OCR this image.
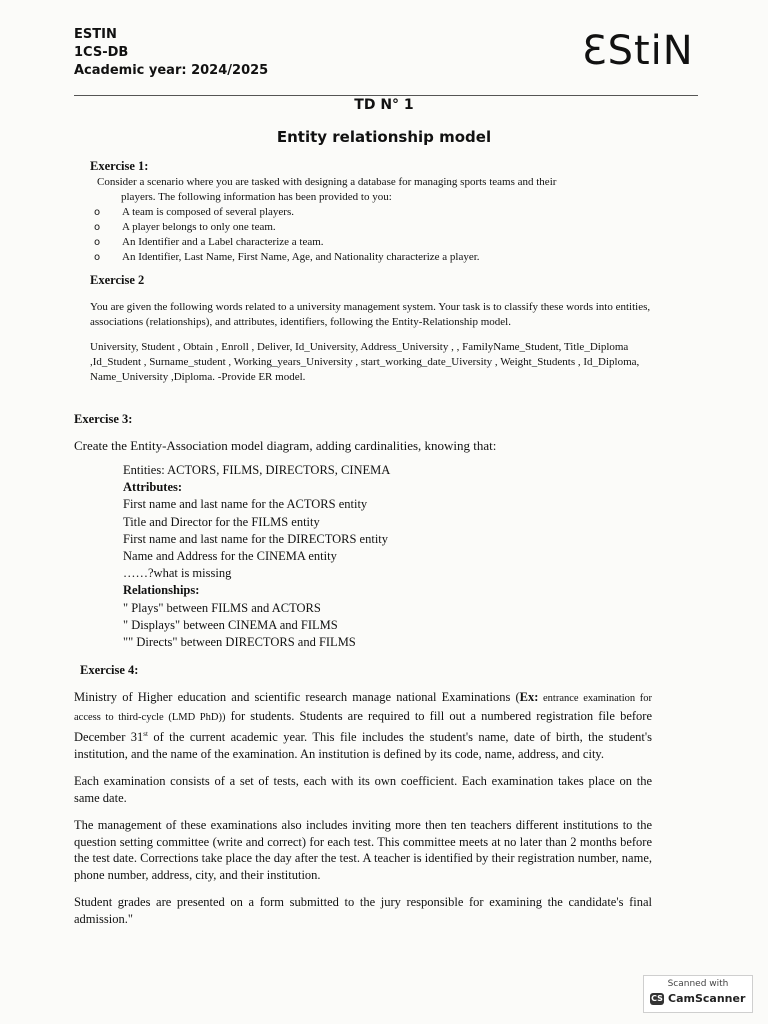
ESTIN
1CS-DB
Academic year: 2024/2025	ƐStiN
TD N° 1
Entity relationship model
Exercise 1:
Consider a scenario where you are tasked with designing a database for managing sports teams and their
players. The following information has been provided to you:
o A team is composed of several players.
o A player belongs to only one team.
o An Identifier and a Label characterize a team.
o An Identifier, Last Name, First Name, Age, and Nationality characterize a player.
Exercise 2

You are given the following words related to a university management system. Your task is to classify these words into entities, associations (relationships), and attributes, identifiers, following the Entity-Relationship model.

University, Student , Obtain , Enroll , Deliver, Id_University, Address_University , , FamilyName_Student, Title_Diploma ,Id_Student , Surname_student , Working_years_University , start_working_date_Uiversity , Weight_Students , Id_Diploma, Name_University ,Diploma. -Provide ER model.

Exercise 3:
Create the Entity-Association model diagram, adding cardinalities, knowing that:
Entities: ACTORS, FILMS, DIRECTORS, CINEMA
Attributes:
First name and last name for the ACTORS entity
Title and Director for the FILMS entity
First name and last name for the DIRECTORS entity
Name and Address for the CINEMA entity
……?what is missing
Relationships:
" Plays" between FILMS and ACTORS
" Displays" between CINEMA and FILMS
"" Directs" between DIRECTORS and FILMS
Exercise 4:

Ministry of Higher education and scientific research manage national Examinations (Ex: entrance examination for access to third-cycle (LMD PhD)) for students. Students are required to fill out a numbered registration file before December 31st of the current academic year. This file includes the student's name, date of birth, the student's institution, and the name of the examination. An institution is defined by its code, name, address, and city.

Each examination consists of a set of tests, each with its own coefficient. Each examination takes place on the same date.

The management of these examinations also includes inviting more then ten teachers different institutions to the question setting committee (write and correct) for each test. This committee meets at no later than 2 months before the test date. Corrections take place the day after the test. A teacher is identified by their registration number, name, phone number, address, city, and their institution.

Student grades are presented on a form submitted to the jury responsible for examining the candidate's final admission."

Scanned with
CS CamScanner
